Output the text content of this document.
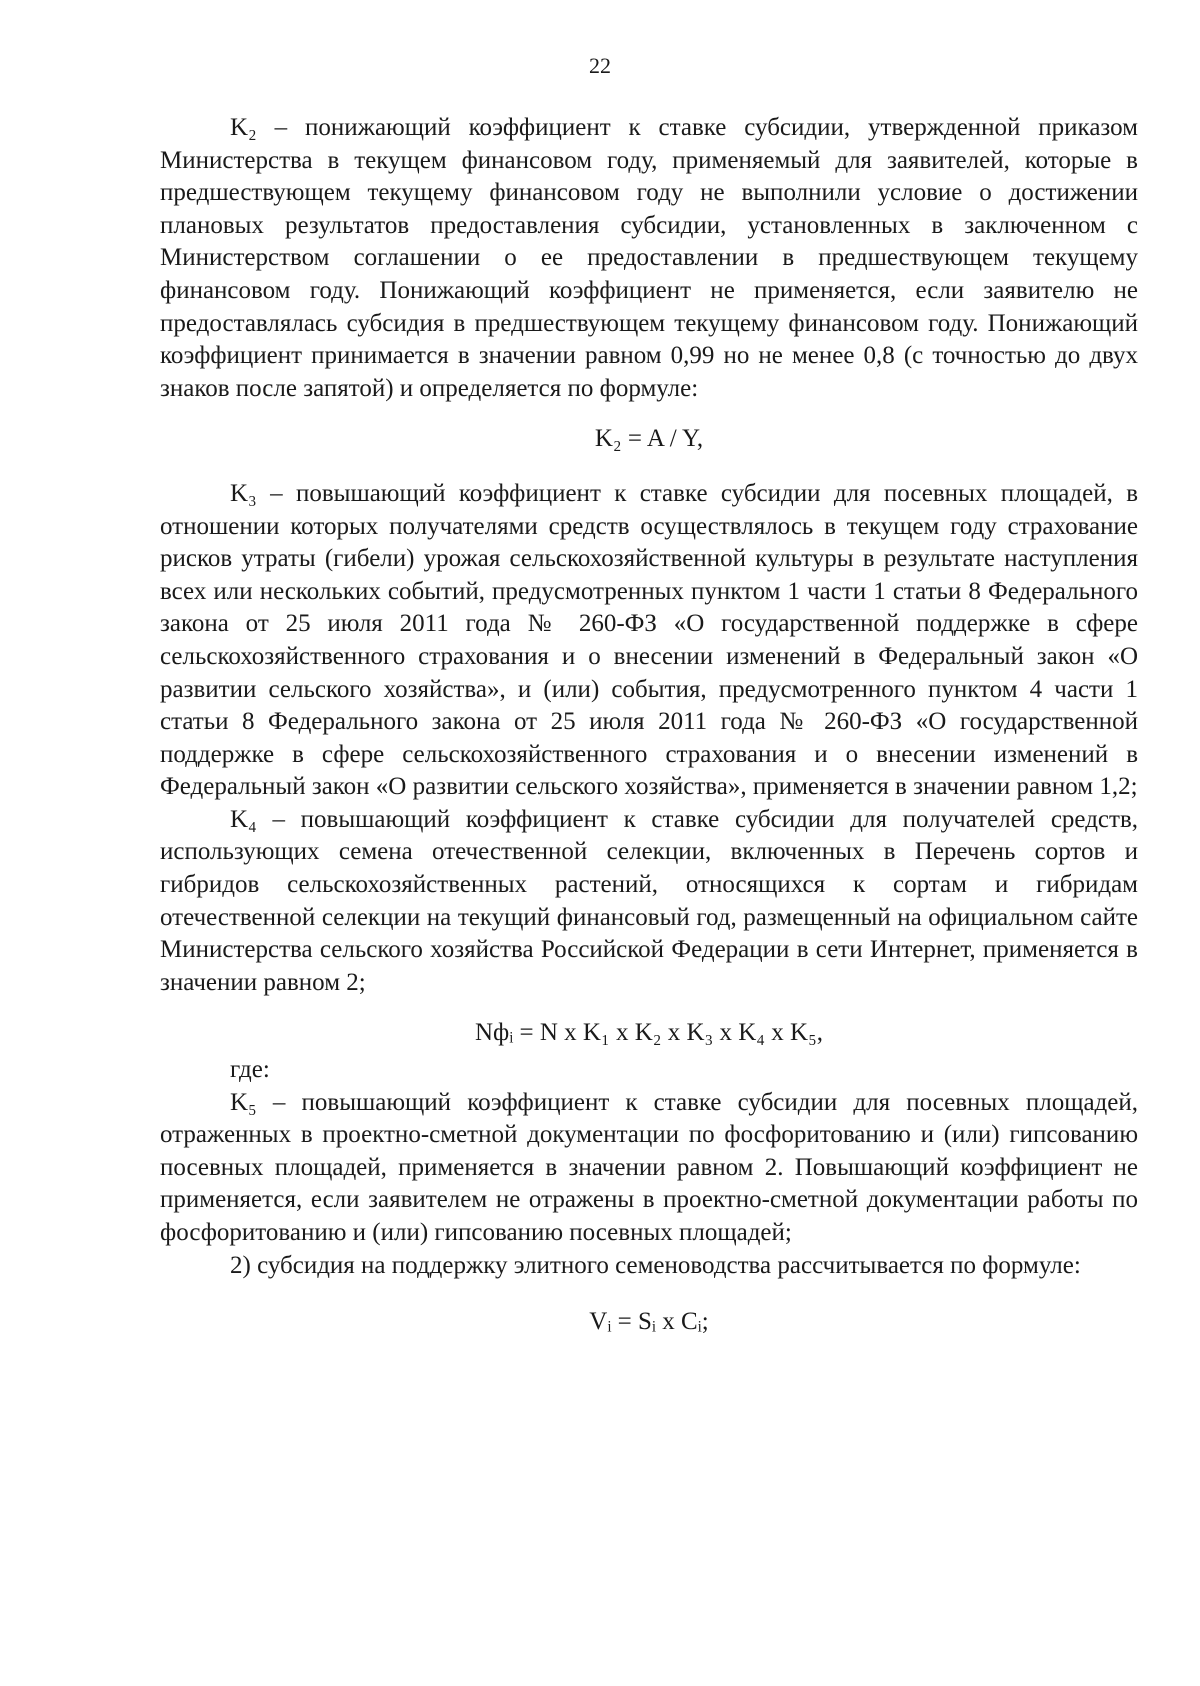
22

K₂ – понижающий коэффициент к ставке субсидии, утвержденной приказом Министерства в текущем финансовом году, применяемый для заявителей, которые в предшествующем текущему финансовом году не выполнили условие о достижении плановых результатов предоставления субсидии, установленных в заключенном с Министерством соглашении о ее предоставлении в предшествующем текущему финансовом году. Понижающий коэффициент не применяется, если заявителю не предоставлялась субсидия в предшествующем текущему финансовом году. Понижающий коэффициент принимается в значении равном 0,99 но не менее 0,8 (с точностью до двух знаков после запятой) и определяется по формуле:

K₂ = A / Y,

K₃ – повышающий коэффициент к ставке субсидии для посевных площадей, в отношении которых получателями средств осуществлялось в текущем году страхование рисков утраты (гибели) урожая сельскохозяйственной культуры в результате наступления всех или нескольких событий, предусмотренных пунктом 1 части 1 статьи 8 Федерального закона от 25 июля 2011 года № 260-ФЗ «О государственной поддержке в сфере сельскохозяйственного страхования и о внесении изменений в Федеральный закон «О развитии сельского хозяйства», и (или) события, предусмотренного пунктом 4 части 1 статьи 8 Федерального закона от 25 июля 2011 года № 260-ФЗ «О государственной поддержке в сфере сельскохозяйственного страхования и о внесении изменений в Федеральный закон «О развитии сельского хозяйства», применяется в значении равном 1,2;

K₄ – повышающий коэффициент к ставке субсидии для получателей средств, использующих семена отечественной селекции, включенных в Перечень сортов и гибридов сельскохозяйственных растений, относящихся к сортам и гибридам отечественной селекции на текущий финансовый год, размещенный на официальном сайте Министерства сельского хозяйства Российской Федерации в сети Интернет, применяется в значении равном 2;

Nфᵢ = N x K₁ x K₂ x K₃ x K₄ x K₅,

где:

K₅ – повышающий коэффициент к ставке субсидии для посевных площадей, отраженных в проектно-сметной документации по фосфоритованию и (или) гипсованию посевных площадей, применяется в значении равном 2. Повышающий коэффициент не применяется, если заявителем не отражены в проектно-сметной документации работы по фосфоритованию и (или) гипсованию посевных площадей;

2) субсидия на поддержку элитного семеноводства рассчитывается по формуле:

Vᵢ = Sᵢ x Cᵢ;
